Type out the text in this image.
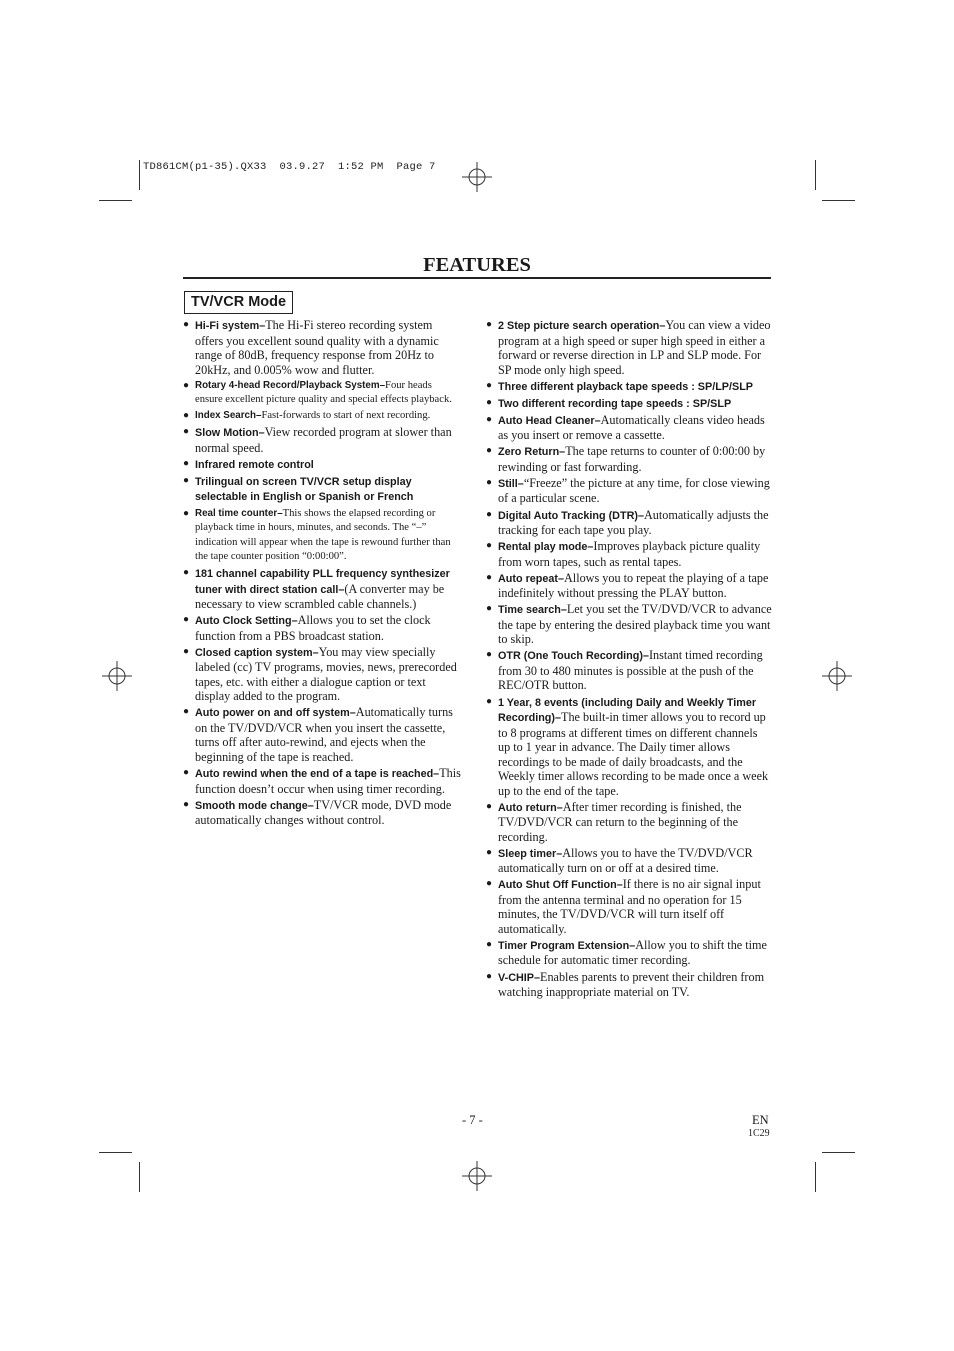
TD861CM(p1-35).QX33  03.9.27  1:52 PM  Page 7
FEATURES
TV/VCR Mode
● Hi-Fi system–The Hi-Fi stereo recording system offers you excellent sound quality with a dynamic range of 80dB, frequency response from 20Hz to 20kHz, and 0.005% wow and flutter.
● Rotary 4-head Record/Playback System–Four heads ensure excellent picture quality and special effects playback.
● Index Search–Fast-forwards to start of next recording.
● Slow Motion–View recorded program at slower than normal speed.
● Infrared remote control
● Trilingual on screen TV/VCR setup display selectable in English or Spanish or French
● Real time counter–This shows the elapsed recording or playback time in hours, minutes, and seconds. The “–” indication will appear when the tape is rewound further than the tape counter position “0:00:00”.
● 181 channel capability PLL frequency synthesizer tuner with direct station call–(A converter may be necessary to view scrambled cable channels.)
● Auto Clock Setting–Allows you to set the clock function from a PBS broadcast station.
● Closed caption system–You may view specially labeled (cc) TV programs, movies, news, prerecorded tapes, etc. with either a dialogue caption or text display added to the program.
● Auto power on and off system–Automatically turns on the TV/DVD/VCR when you insert the cassette, turns off after auto-rewind, and ejects when the beginning of the tape is reached.
● Auto rewind when the end of a tape is reached–This function doesn’t occur when using timer recording.
● Smooth mode change–TV/VCR mode, DVD mode automatically changes without control.
● 2 Step picture search operation–You can view a video program at a high speed or super high speed in either a forward or reverse direction in LP and SLP mode. For SP mode only high speed.
● Three different playback tape speeds : SP/LP/SLP
● Two different recording tape speeds : SP/SLP
● Auto Head Cleaner–Automatically cleans video heads as you insert or remove a cassette.
● Zero Return–The tape returns to counter of 0:00:00 by rewinding or fast forwarding.
● Still–“Freeze” the picture at any time, for close viewing of a particular scene.
● Digital Auto Tracking (DTR)–Automatically adjusts the tracking for each tape you play.
● Rental play mode–Improves playback picture quality from worn tapes, such as rental tapes.
● Auto repeat–Allows you to repeat the playing of a tape indefinitely without pressing the PLAY button.
● Time search–Let you set the TV/DVD/VCR to advance the tape by entering the desired playback time you want to skip.
● OTR (One Touch Recording)–Instant timed recording from 30 to 480 minutes is possible at the push of the REC/OTR button.
● 1 Year, 8 events (including Daily and Weekly Timer Recording)–The built-in timer allows you to record up to 8 programs at different times on different channels up to 1 year in advance. The Daily timer allows recordings to be made of daily broadcasts, and the Weekly timer allows recording to be made once a week up to the end of the tape.
● Auto return–After timer recording is finished, the TV/DVD/VCR can return to the beginning of the recording.
● Sleep timer–Allows you to have the TV/DVD/VCR automatically turn on or off at a desired time.
● Auto Shut Off Function–If there is no air signal input from the antenna terminal and no operation for 15 minutes, the TV/DVD/VCR will turn itself off automatically.
● Timer Program Extension–Allow you to shift the time schedule for automatic timer recording.
● V-CHIP–Enables parents to prevent their children from watching inappropriate material on TV.
- 7 -	EN
1C29
